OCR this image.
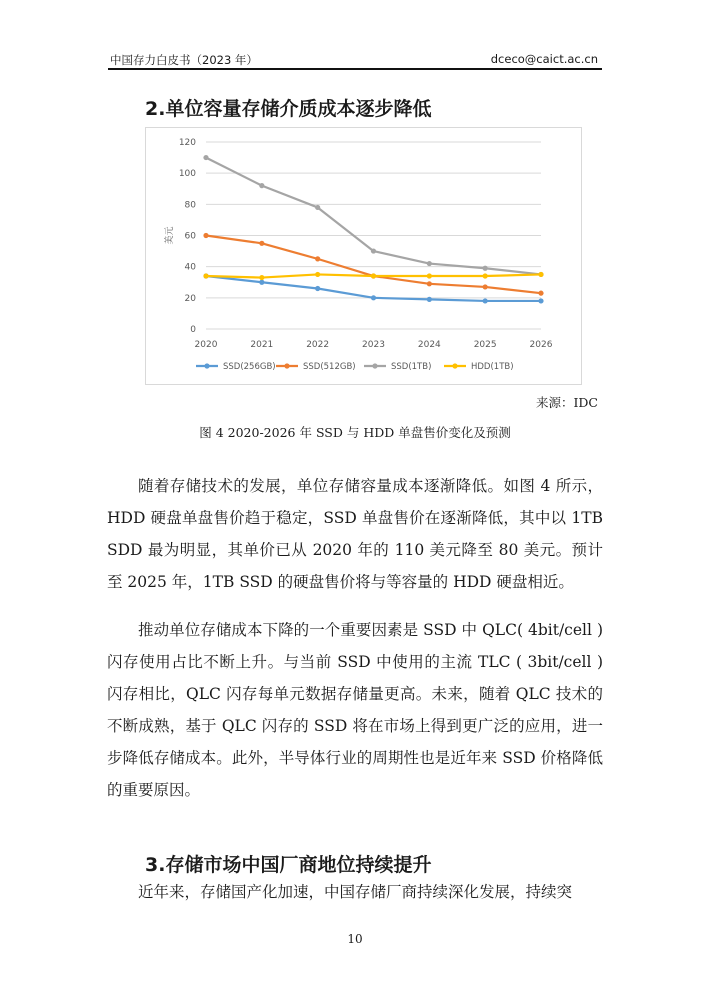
中国存力白皮书（2023 年）	dceco@caict.ac.cn
2.单位容量存储介质成本逐步降低
0
20
40
60
80
100
120
2020	2021	2022	2023	2024	2025	2026
美元
SSD(256GB)	SSD(512GB)	SSD(1TB)	HDD(1TB)
来源：IDC
图 4 2020-2026 年 SSD 与 HDD 单盘售价变化及预测

随着存储技术的发展，单位存储容量成本逐渐降低。如图 4 所示，HDD 硬盘单盘售价趋于稳定，SSD 单盘售价在逐渐降低，其中以 1TB SDD 最为明显，其单价已从 2020 年的 110 美元降至 80 美元。预计至 2025 年，1TB SSD 的硬盘售价将与等容量的 HDD 硬盘相近。

推动单位存储成本下降的一个重要因素是 SSD 中 QLC( 4bit/cell ) 闪存使用占比不断上升。与当前 SSD 中使用的主流 TLC ( 3bit/cell ) 闪存相比，QLC 闪存每单元数据存储量更高。未来，随着 QLC 技术的不断成熟，基于 QLC 闪存的 SSD 将在市场上得到更广泛的应用，进一步降低存储成本。此外，半导体行业的周期性也是近年来 SSD 价格降低的重要原因。

3.存储市场中国厂商地位持续提升

近年来，存储国产化加速，中国存储厂商持续深化发展，持续突

10
